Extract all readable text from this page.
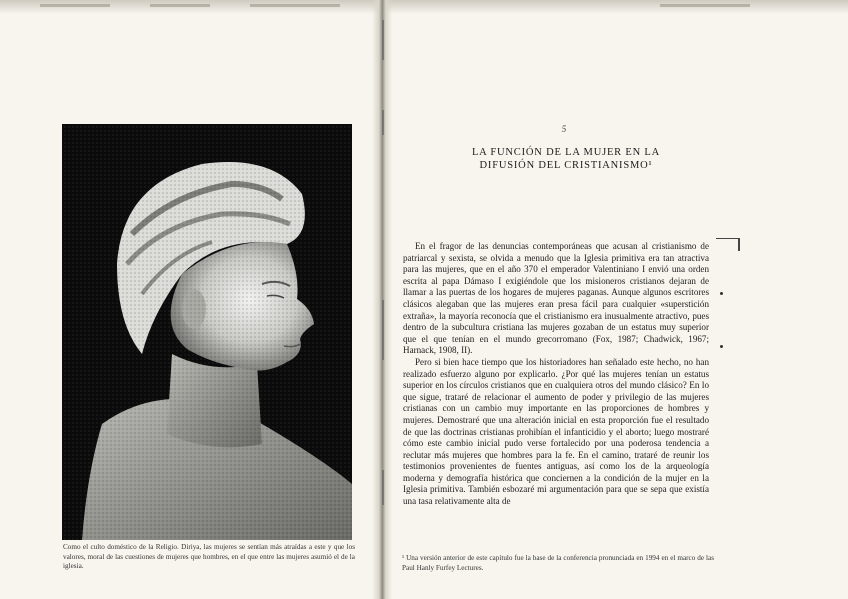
Como el culto doméstico de la Religio. Diriya, las mujeres se sentían más atraídas a este y que los valores, moral de las cuestiones de mujeres que hombres, en el que entre las mujeres asumió el de la iglesia.
5
LA FUNCIÓN DE LA MUJER EN LA
DIFUSIÓN DEL CRISTIANISMO¹

En el fragor de las denuncias contemporáneas que acusan al cristianismo de patriarcal y sexista, se olvida a menudo que la Iglesia primitiva era tan atractiva para las mujeres, que en el año 370 el emperador Valentiniano I envió una orden escrita al papa Dámaso I exigiéndole que los misioneros cristianos dejaran de llamar a las puertas de los hogares de mujeres paganas. Aunque algunos escritores clásicos alegaban que las mujeres eran presa fácil para cualquier «superstición extraña», la mayoría reconocía que el cristianismo era inusualmente atractivo, pues dentro de la subcultura cristiana las mujeres gozaban de un estatus muy superior que el que tenían en el mundo grecorromano (Fox, 1987; Chadwick, 1967; Harnack, 1908, II).

Pero si bien hace tiempo que los historiadores han señalado este hecho, no han realizado esfuerzo alguno por explicarlo. ¿Por qué las mujeres tenían un estatus superior en los círculos cristianos que en cualquiera otros del mundo clásico? En lo que sigue, trataré de relacionar el aumento de poder y privilegio de las mujeres cristianas con un cambio muy importante en las proporciones de hombres y mujeres. Demostraré que una alteración inicial en esta proporción fue el resultado de que las doctrinas cristianas prohibían el infanticidio y el aborto; luego mostraré cómo este cambio inicial pudo verse fortalecido por una poderosa tendencia a reclutar más mujeres que hombres para la fe. En el camino, trataré de reunir los testimonios provenientes de fuentes antiguas, así como los de la arqueología moderna y demografía histórica que conciernen a la condición de la mujer en la Iglesia primitiva. También esbozaré mi argumentación para que se sepa que existía una tasa relativamente alta de

¹ Una versión anterior de este capítulo fue la base de la conferencia pronunciada en 1994 en el marco de las Paul Hanly Furfey Lectures.
